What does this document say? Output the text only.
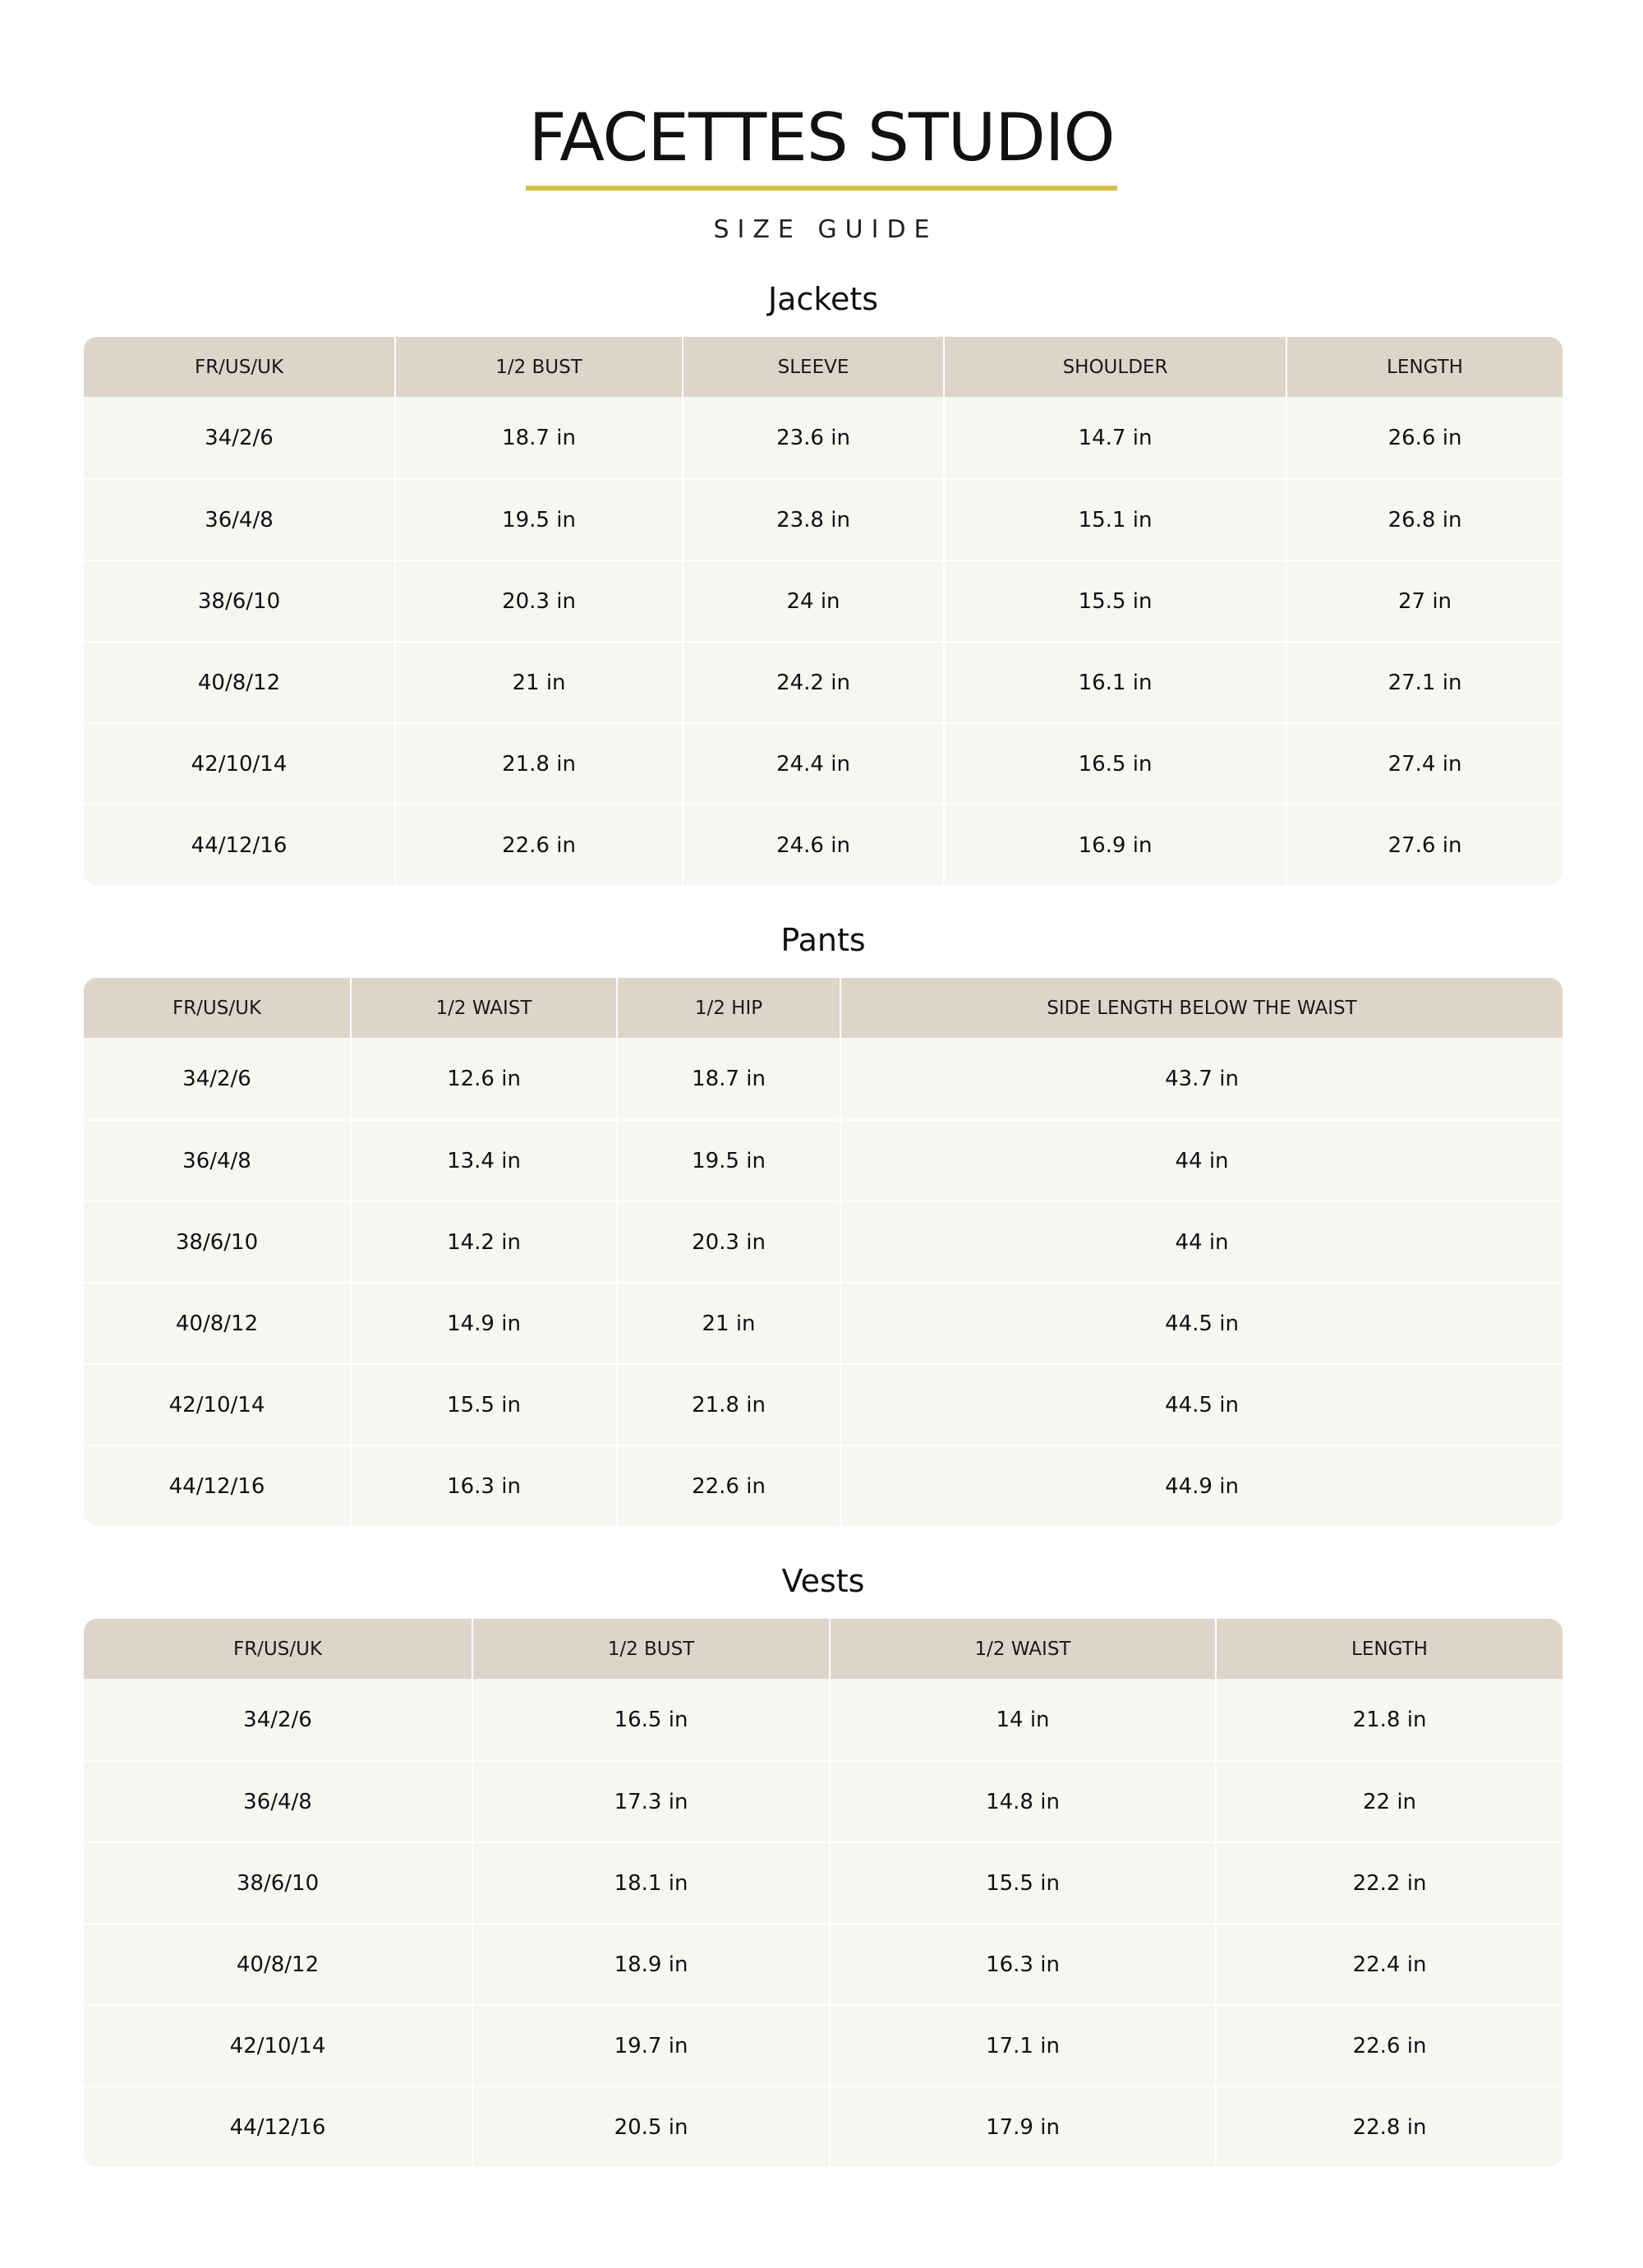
FACETTES STUDIO
SIZE GUIDE
Jackets
FR/US/UK	1/2 BUST	SLEEVE	SHOULDER	LENGTH
34/2/6	18.7 in	23.6 in	14.7 in	26.6 in
36/4/8	19.5 in	23.8 in	15.1 in	26.8 in
38/6/10	20.3 in	24 in	15.5 in	27 in
40/8/12	21 in	24.2 in	16.1 in	27.1 in
42/10/14	21.8 in	24.4 in	16.5 in	27.4 in
44/12/16	22.6 in	24.6 in	16.9 in	27.6 in
Pants
FR/US/UK	1/2 WAIST	1/2 HIP	SIDE LENGTH BELOW THE WAIST
34/2/6	12.6 in	18.7 in	43.7 in
36/4/8	13.4 in	19.5 in	44 in
38/6/10	14.2 in	20.3 in	44 in
40/8/12	14.9 in	21 in	44.5 in
42/10/14	15.5 in	21.8 in	44.5 in
44/12/16	16.3 in	22.6 in	44.9 in
Vests
FR/US/UK	1/2 BUST	1/2 WAIST	LENGTH
34/2/6	16.5 in	14 in	21.8 in
36/4/8	17.3 in	14.8 in	22 in
38/6/10	18.1 in	15.5 in	22.2 in
40/8/12	18.9 in	16.3 in	22.4 in
42/10/14	19.7 in	17.1 in	22.6 in
44/12/16	20.5 in	17.9 in	22.8 in
